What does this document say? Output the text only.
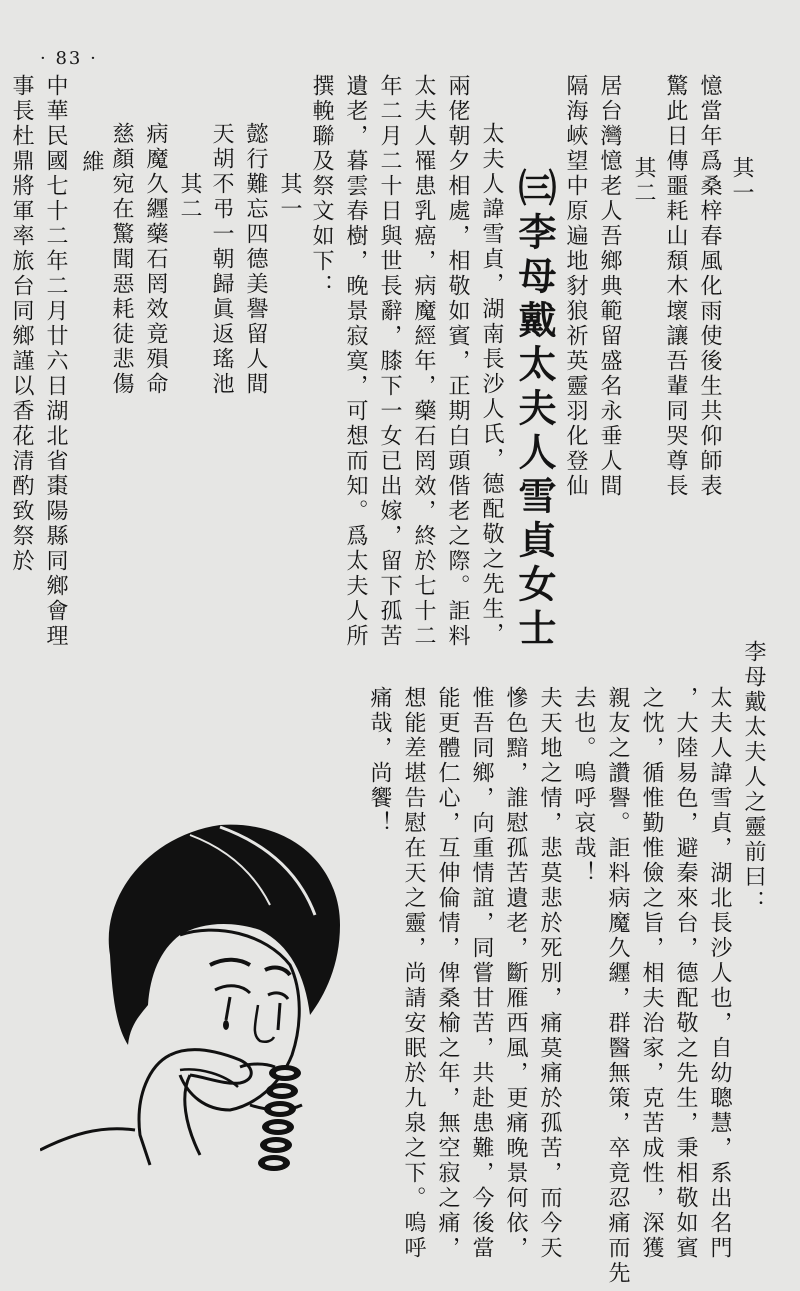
· 83 ·
其一
憶當年爲桑梓春風化雨使後生共仰師表
驚此日傳噩耗山頹木壞讓吾輩同哭尊長
其二
居台灣憶老人吾鄉典範留盛名永垂人間
隔海峽望中原遍地豺狼祈英靈羽化登仙
㈢李母戴太夫人雪貞女士
太夫人諱雪貞，湖南長沙人氏，德配敬之先生，
兩佬朝夕相處，相敬如賓，正期白頭偕老之際。詎料
太夫人罹患乳癌，病魔經年，藥石罔效，終於七十二
年二月二十日與世長辭，膝下一女已出嫁，留下孤苦
遺老，暮雲春樹，晚景寂寞，可想而知。爲太夫人所
撰輓聯及祭文如下：
其一
懿行難忘四德美譽留人間
天胡不弔一朝歸眞返瑤池
其二
病魔久纒藥石罔效竟殞命
慈顏宛在驚聞惡耗徒悲傷
維
中華民國七十二年二月廿六日湖北省棗陽縣同鄉會理
事長杜鼎將軍率旅台同鄉謹以香花清酌致祭於
李母戴太夫人之靈前曰：
太夫人諱雪貞，湖北長沙人也，自幼聰慧，系出名門
，大陸易色，避秦來台，德配敬之先生，秉相敬如賓
之忱，循惟勤惟儉之旨，相夫治家，克苦成性，深獲
親友之讚譽。詎料病魔久纒，群醫無策，卒竟忍痛而先
去也。嗚呼哀哉！
夫天地之情，悲莫悲於死別，痛莫痛於孤苦，而今天
慘色黯，誰慰孤苦遺老，斷雁西風，更痛晚景何依，
惟吾同鄉，向重情誼，同嘗甘苦，共赴患難，今後當
能更體仁心，互伸倫情，俾桑榆之年，無空寂之痛，
想能差堪告慰在天之靈，尚請安眠於九泉之下。嗚呼
痛哉，尚饗！
